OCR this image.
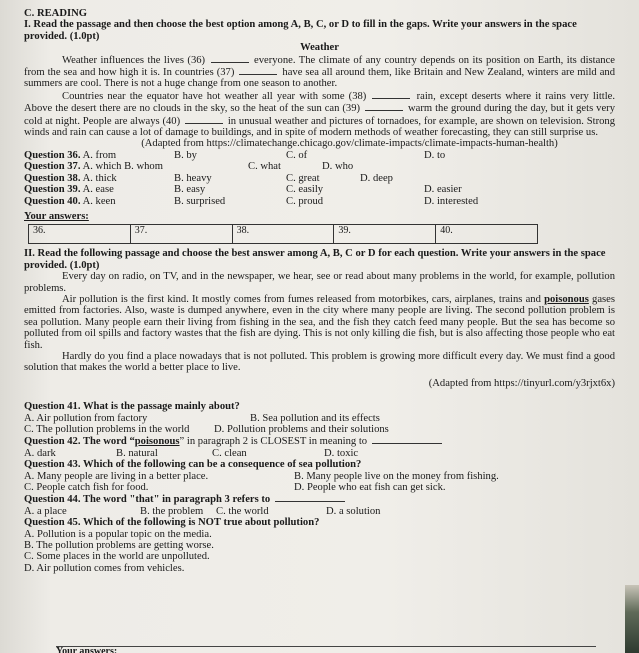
C. READING

I. Read the passage and then choose the best option among A, B, C, or D to fill in the gaps. Write your answers in the space provided. (1.0pt)

Weather

Weather influences the lives (36)	everyone. The climate of any country depends on its position on Earth, its distance from the sea and how high it is. In countries (37)	have sea all around them, like Britain and New Zealand, winters are mild and summers are cool. There is not a huge change from one season to another.

Countries near the equator have hot weather all year with some (38)	rain, except deserts where it rains very little. Above the desert there are no clouds in the sky, so the heat of the sun can (39)	warm the ground during the day, but it gets very cold at night. People are always (40)	in unusual weather and pictures of tornadoes, for example, are shown on television. Strong winds and rain can cause a lot of damage to buildings, and in spite of modern methods of weather forecasting, they can still surprise us.

(Adapted from https://climatechange.chicago.gov/climate-impacts/climate-impacts-human-health)

Question 36. A. from	B. by	C. of	D. to
Question 37. A. which B. whom	C. what	D. who
Question 38. A. thick	B. heavy	C. great	D. deep
Question 39. A. ease	B. easy	C. easily	D. easier
Question 40. A. keen	B. surprised	C. proud	D. interested

Your answers:

36.	37.	38.	39.	40.

II. Read the following passage and choose the best answer among A, B, C or D for each question. Write your answers in the space provided. (1.0pt)

Every day on radio, on TV, and in the newspaper, we hear, see or read about many problems in the world, for example, pollution problems.

Air pollution is the first kind. It mostly comes from fumes released from motorbikes, cars, airplanes, trains and poisonous gases emitted from factories. Also, waste is dumped anywhere, even in the city where many people are living. The second pollution problem is sea pollution. Many people earn their living from fishing in the sea, and the fish they catch feed many people. But the sea has become so polluted from oil spills and factory wastes that the fish are dying. This is not only killing die fish, but is also affecting those people who eat fish.

Hardly do you find a place nowadays that is not polluted. This problem is growing more difficult every day. We must find a good solution that makes the world a better place to live.

(Adapted from https://tinyurl.com/y3rjxt6x)

Question 41. What is the passage mainly about?

A. Air pollution from factory	B. Sea pollution and its effects
C. The pollution problems in the world	D. Pollution problems and their solutions

Question 42. The word “poisonous” in paragraph 2 is CLOSEST in meaning to

A. dark	B. natural	C. clean	D. toxic

Question 43. Which of the following can be a consequence of sea pollution?

A. Many people are living in a better place.	B. Many people live on the money from fishing.
C. People catch fish for food.	D. People who eat fish can get sick.

Question 44. The word "that" in paragraph 3 refers to

A. a place	B. the problem	C. the world	D. a solution

Question 45. Which of the following is NOT true about pollution?

A. Pollution is a popular topic on the media.

B. The pollution problems are getting worse.

C. Some places in the world are unpolluted.

D. Air pollution comes from vehicles.

Your answers:
